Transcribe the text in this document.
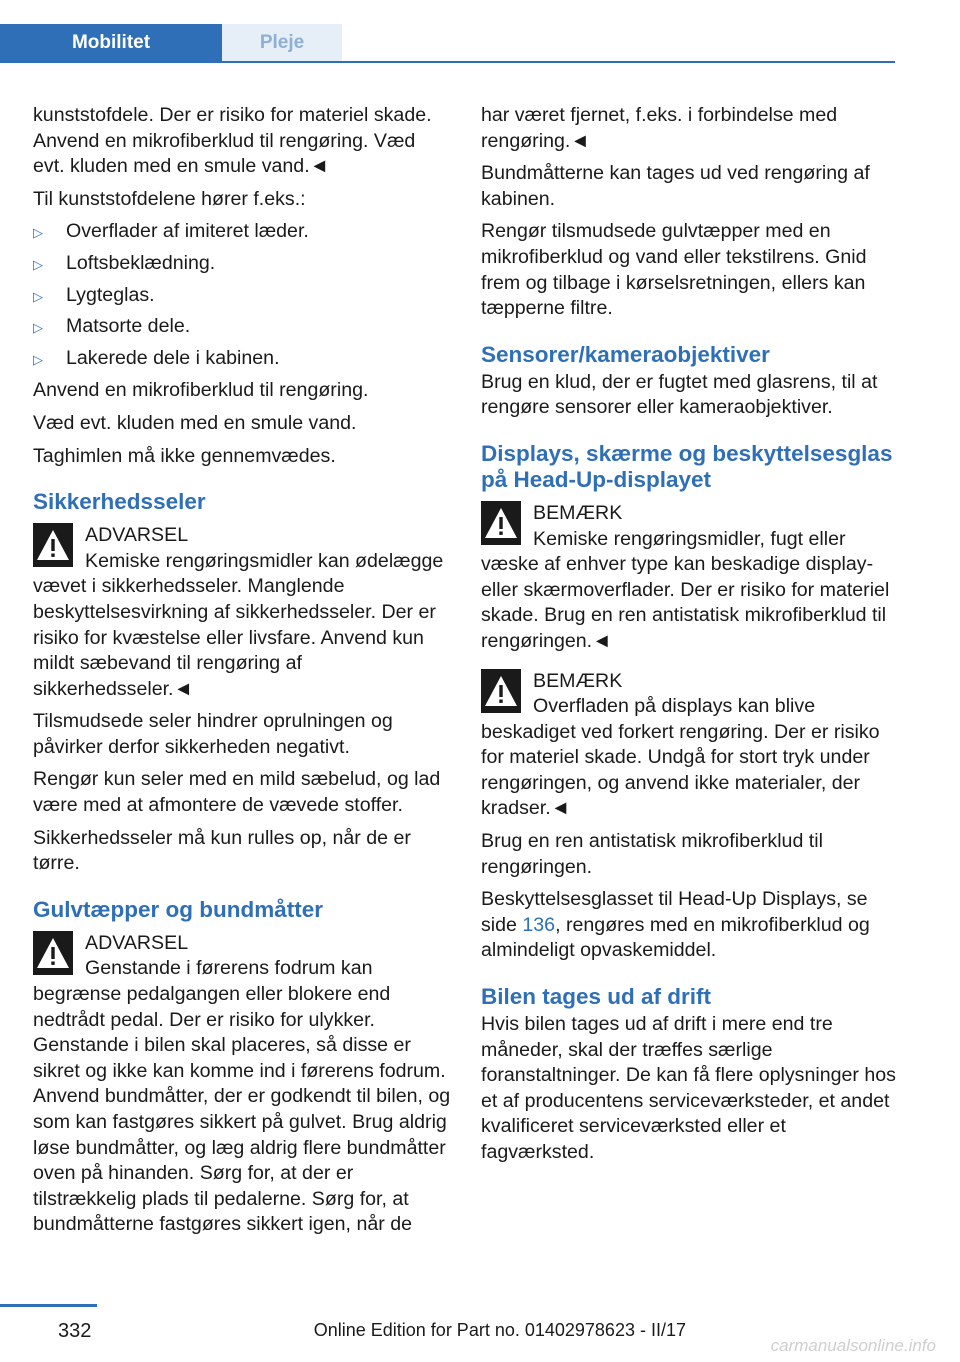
Mobilitet	Pleje

kunststofdele. Der er risiko for materiel skade. Anvend en mikrofiberklud til rengøring. Væd evt. kluden med en smule vand.◄

Til kunststofdelene hører f.eks.:

▷ Overflader af imiteret læder.
▷ Loftsbeklædning.
▷ Lygteglas.
▷ Matsorte dele.
▷ Lakerede dele i kabinen.

Anvend en mikrofiberklud til rengøring.

Væd evt. kluden med en smule vand.

Taghimlen må ikke gennemvædes.

Sikkerhedsseler
ADVARSEL
Kemiske rengøringsmidler kan ødelægge vævet i sikkerhedsseler. Manglende beskyttelsesvirkning af sikkerhedsseler. Der er risiko for kvæstelse eller livsfare. Anvend kun mildt sæbevand til rengøring af sikkerhedsseler.◄

Tilsmudsede seler hindrer oprulningen og påvirker derfor sikkerheden negativt.

Rengør kun seler med en mild sæbelud, og lad være med at afmontere de vævede stoffer.

Sikkerhedsseler må kun rulles op, når de er tørre.

Gulvtæpper og bundmåtter
ADVARSEL
Genstande i førerens fodrum kan begrænse pedalgangen eller blokere end nedtrådt pedal. Der er risiko for ulykker. Genstande i bilen skal placeres, så disse er sikret og ikke kan komme ind i førerens fodrum. Anvend bundmåtter, der er godkendt til bilen, og som kan fastgøres sikkert på gulvet. Brug aldrig løse bundmåtter, og læg aldrig flere bundmåtter oven på hinanden. Sørg for, at der er tilstrækkelig plads til pedalerne. Sørg for, at bundmåtterne fastgøres sikkert igen, når de

har været fjernet, f.eks. i forbindelse med rengøring.◄

Bundmåtterne kan tages ud ved rengøring af kabinen.

Rengør tilsmudsede gulvtæpper med en mikrofiberklud og vand eller tekstilrens. Gnid frem og tilbage i kørselsretningen, ellers kan tæpperne filtre.

Sensorer/kameraobjektiver

Brug en klud, der er fugtet med glasrens, til at rengøre sensorer eller kameraobjektiver.

Displays, skærme og beskyttelsesglas på Head-Up-displayet
BEMÆRK
Kemiske rengøringsmidler, fugt eller væske af enhver type kan beskadige display- eller skærmoverflader. Der er risiko for materiel skade. Brug en ren antistatisk mikrofiberklud til rengøringen.◄
BEMÆRK
Overfladen på displays kan blive beskadiget ved forkert rengøring. Der er risiko for materiel skade. Undgå for stort tryk under rengøringen, og anvend ikke materialer, der kradser.◄

Brug en ren antistatisk mikrofiberklud til rengøringen.

Beskyttelsesglasset til Head-Up Displays, se side 136, rengøres med en mikrofiberklud og almindeligt opvaskemiddel.

Bilen tages ud af drift

Hvis bilen tages ud af drift i mere end tre måneder, skal der træffes særlige foranstaltninger. De kan få flere oplysninger hos et af producentens serviceværksteder, et andet kvalificeret serviceværksted eller et fagværksted.

332	Online Edition for Part no. 01402978623 - II/17
carmanualsonline.info
